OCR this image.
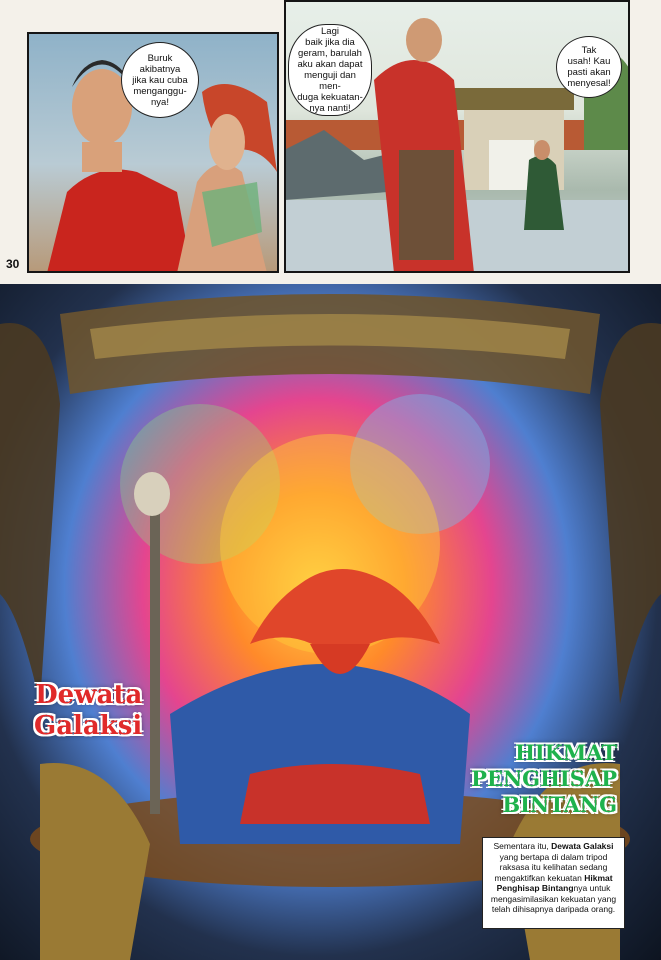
Buruk
akibatnya
jika kau cuba
menganggu-
nya!
30
Lagi
baik jika dia
geram, barulah
aku akan dapat
menguji dan men-
duga kekuatan-
nya nanti!
Tak
usah! Kau
pasti akan
menyesal!
Dewata
Galaksi
HIKMAT
PENGHISAP
BINTANG
Sementara itu, Dewata Galaksi yang bertapa di dalam tripod raksasa itu kelihatan sedang mengaktifkan kekuatan Hikmat Penghisap Bintangnya untuk mengasimilasikan kekuatan yang telah dihisapnya daripada orang.
